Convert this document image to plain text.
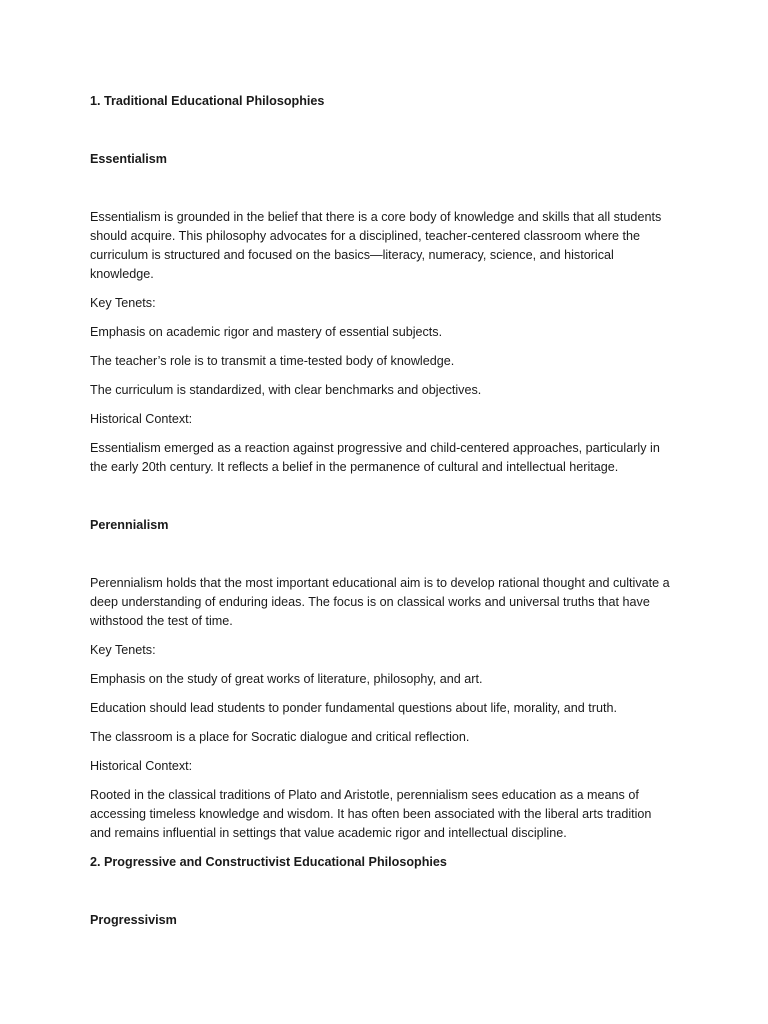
1. Traditional Educational Philosophies

Essentialism

Essentialism is grounded in the belief that there is a core body of knowledge and skills that all students should acquire. This philosophy advocates for a disciplined, teacher-centered classroom where the curriculum is structured and focused on the basics—literacy, numeracy, science, and historical knowledge.

Key Tenets:

Emphasis on academic rigor and mastery of essential subjects.

The teacher’s role is to transmit a time-tested body of knowledge.

The curriculum is standardized, with clear benchmarks and objectives.

Historical Context:

Essentialism emerged as a reaction against progressive and child-centered approaches, particularly in the early 20th century. It reflects a belief in the permanence of cultural and intellectual heritage.

Perennialism

Perennialism holds that the most important educational aim is to develop rational thought and cultivate a deep understanding of enduring ideas. The focus is on classical works and universal truths that have withstood the test of time.

Key Tenets:

Emphasis on the study of great works of literature, philosophy, and art.

Education should lead students to ponder fundamental questions about life, morality, and truth.

The classroom is a place for Socratic dialogue and critical reflection.

Historical Context:

Rooted in the classical traditions of Plato and Aristotle, perennialism sees education as a means of accessing timeless knowledge and wisdom. It has often been associated with the liberal arts tradition and remains influential in settings that value academic rigor and intellectual discipline.

2. Progressive and Constructivist Educational Philosophies

Progressivism
